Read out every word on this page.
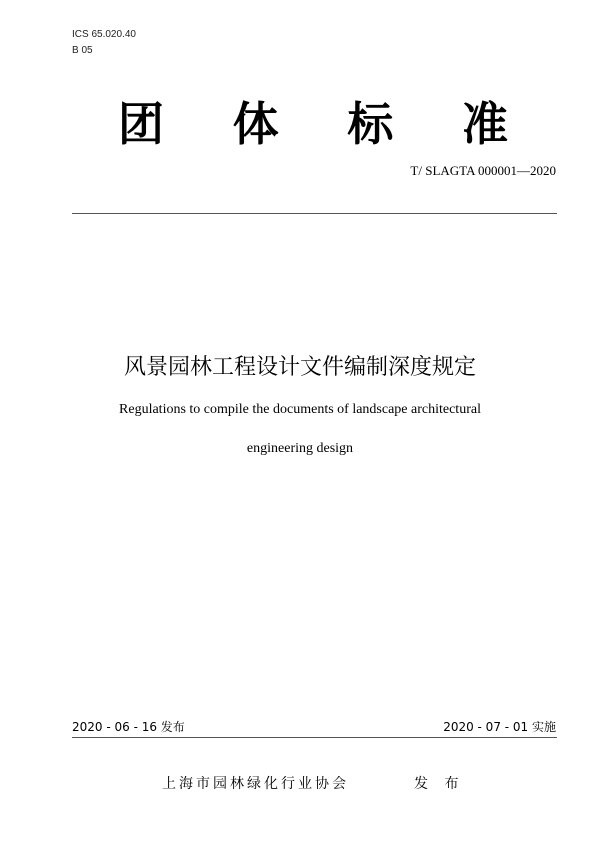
ICS 65.020.40
B 05
团 体 标 准
T/ SLAGTA 000001—2020
风景园林工程设计文件编制深度规定
Regulations to compile the documents of landscape architectural
engineering design
2020 - 06 - 16 发布	2020 - 07 - 01 实施
上海市园林绿化行业协会	发 布
